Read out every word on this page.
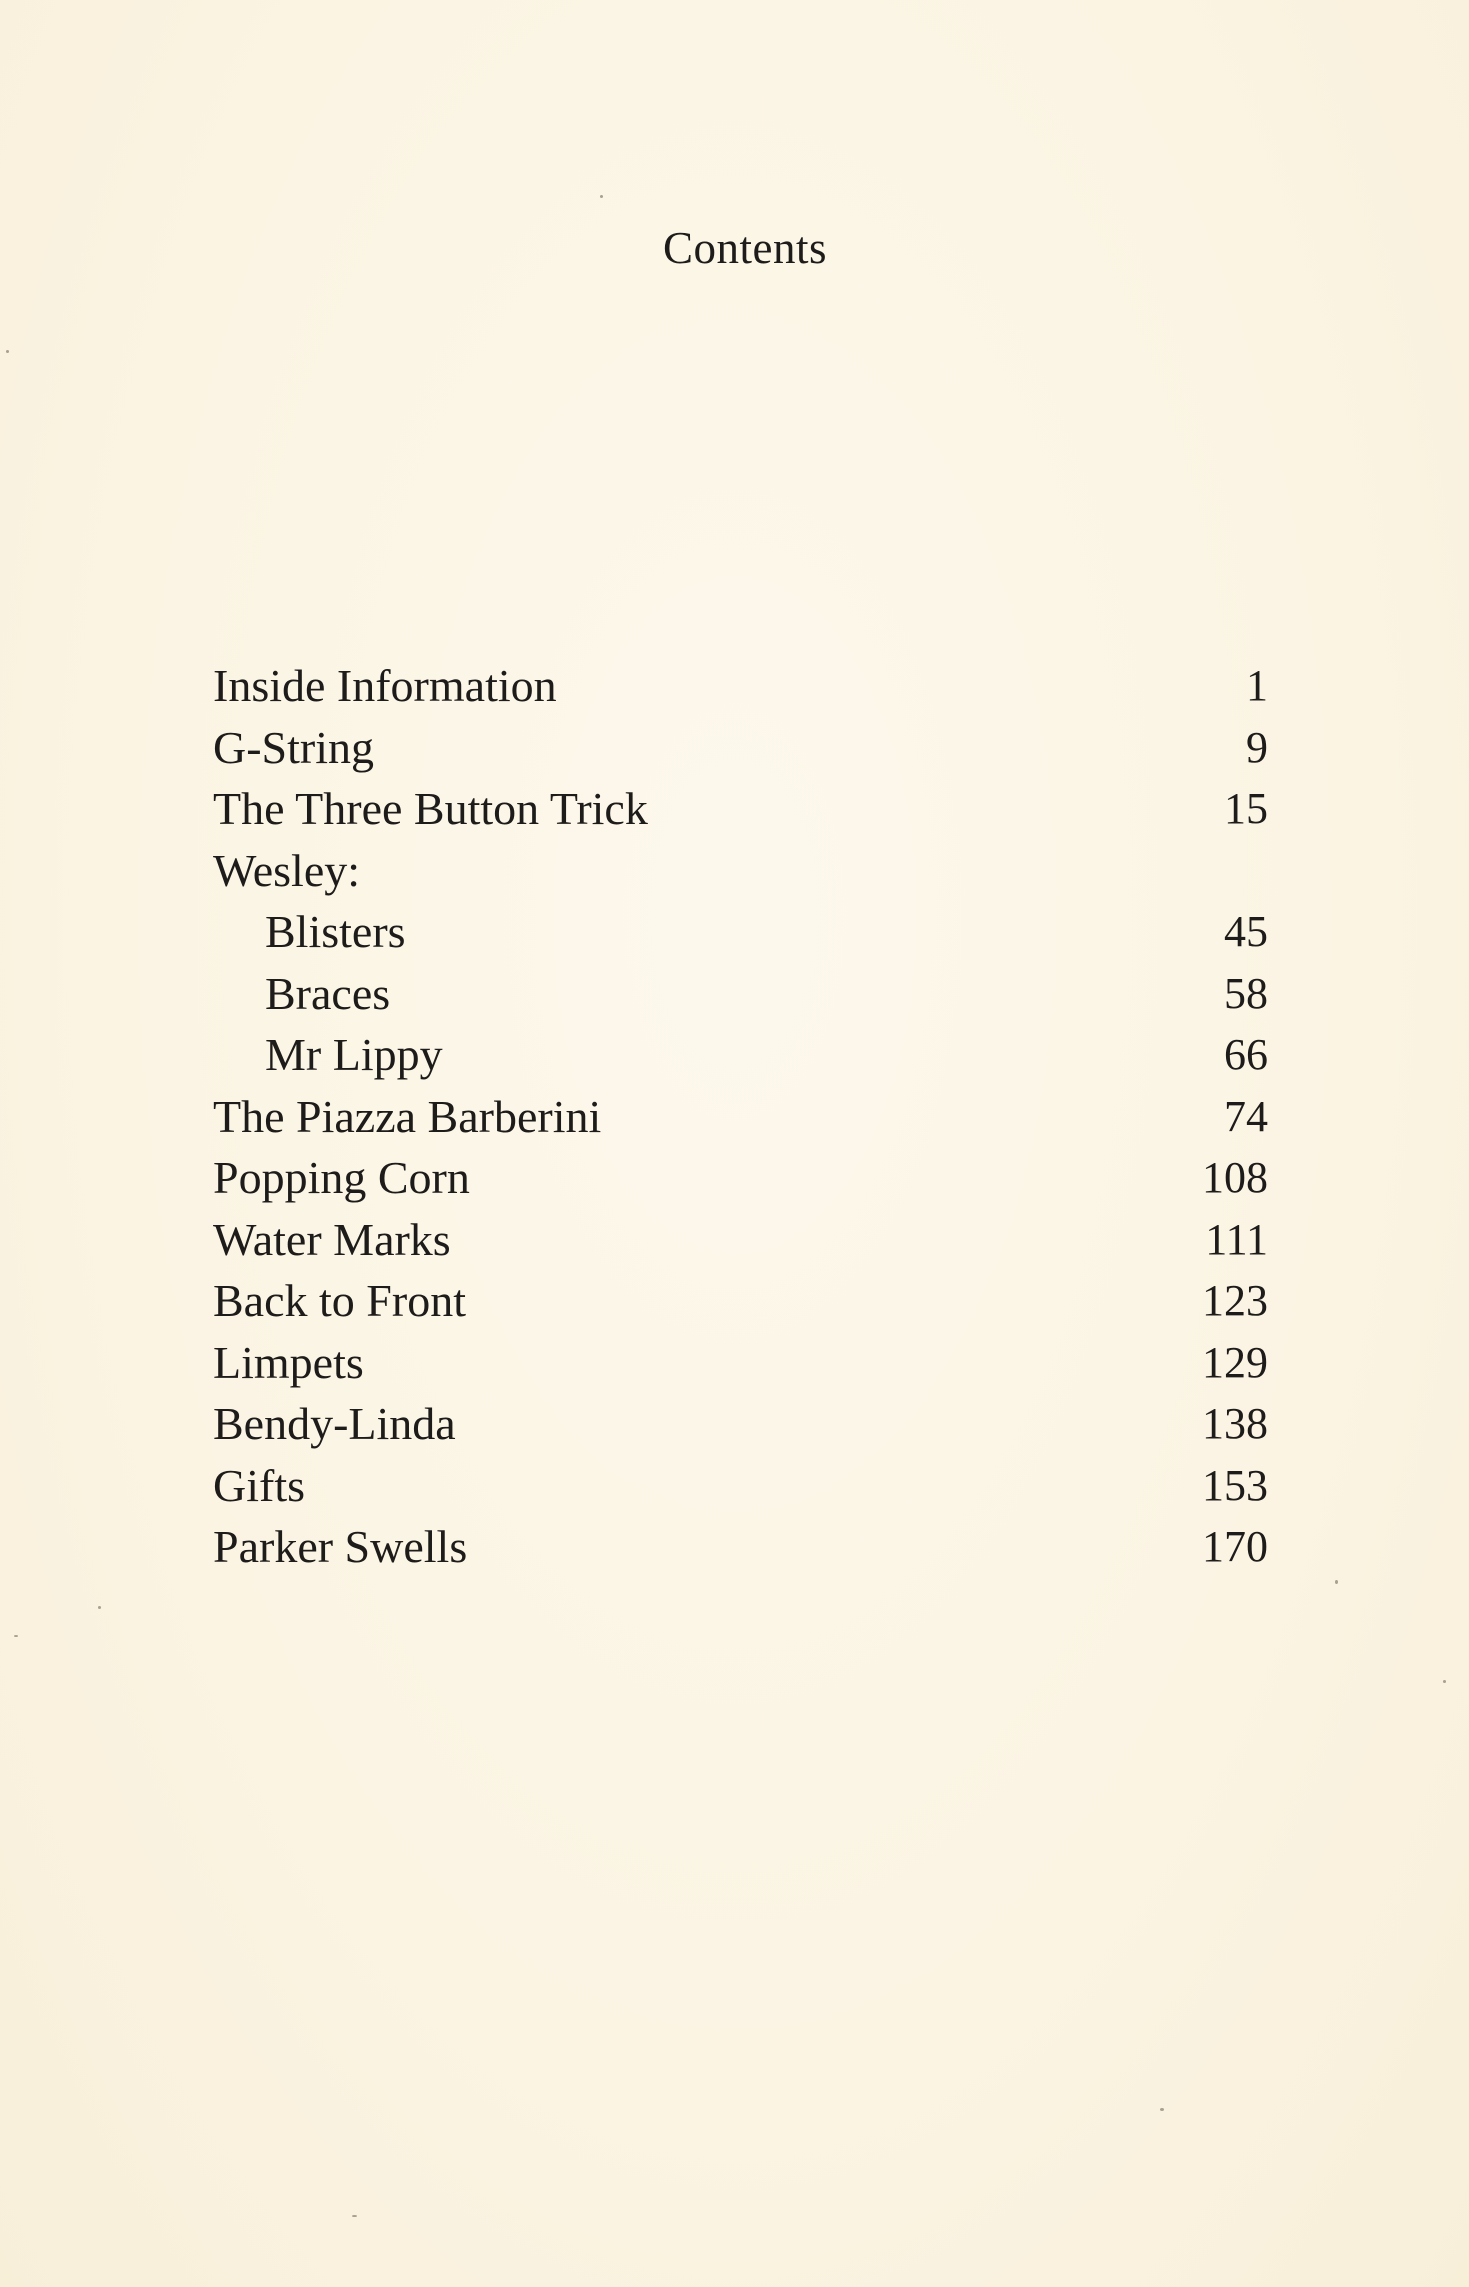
Contents
Inside Information	1
G-String	9
The Three Button Trick	15
Wesley:
Blisters	45
Braces	58
Mr Lippy	66
The Piazza Barberini	74
Popping Corn	108
Water Marks	111
Back to Front	123
Limpets	129
Bendy-Linda	138
Gifts	153
Parker Swells	170
